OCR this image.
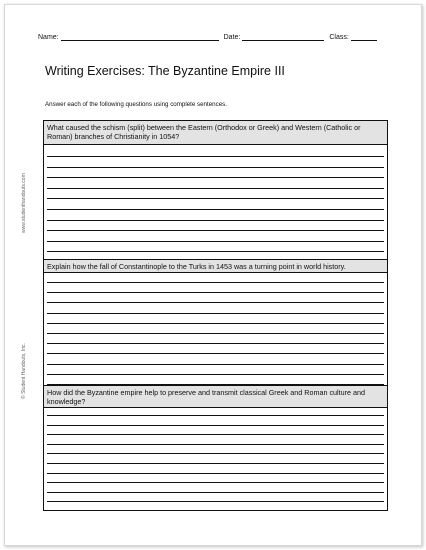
Name:	Date:	Class:
Writing Exercises: The Byzantine Empire III
Answer each of the following questions using complete sentences.
www.studenthandouts.com
© Student Handouts, Inc.
What caused the schism (split) between the Eastern (Orthodox or Greek) and Western (Catholic or Roman) branches of Christianity in 1054?
Explain how the fall of Constantinople to the Turks in 1453 was a turning point in world history.
How did the Byzantine empire help to preserve and transmit classical Greek and Roman culture and knowledge?
